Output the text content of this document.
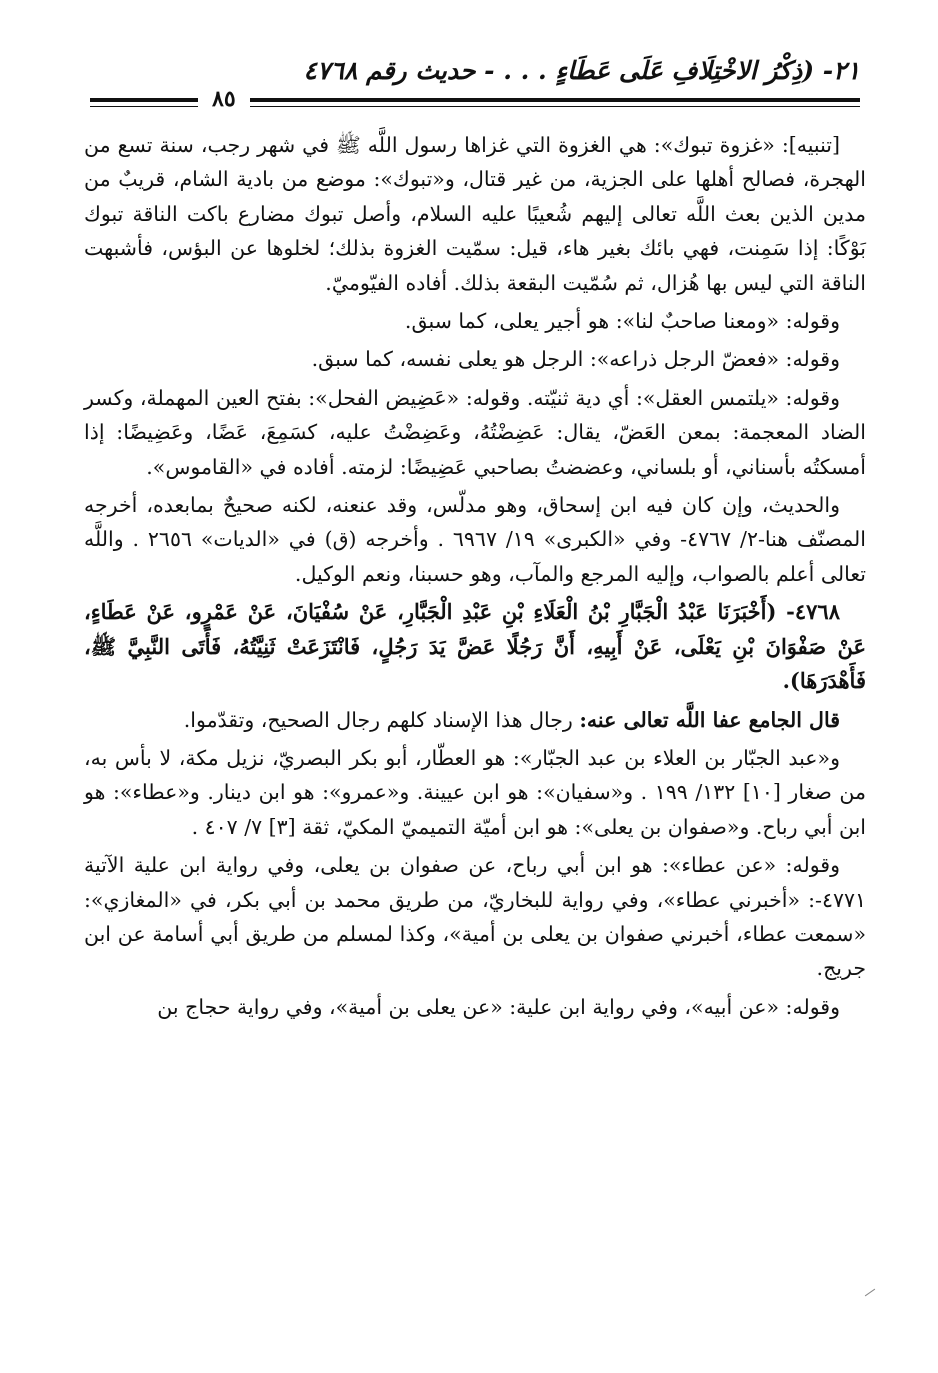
٢١- (ذِكْرُ الاخْتِلَافِ عَلَى عَطَاءٍ . . . - حديث رقم ٤٧٦٨
٨٥

[تنبيه]: «غزوة تبوك»: هي الغزوة التي غزاها رسول اللَّه ﷺ في شهر رجب، سنة تسع من الهجرة، فصالح أهلها على الجزية، من غير قتال، و«تبوك»: موضع من بادية الشام، قريبٌ من مدين الذين بعث اللَّه تعالى إليهم شُعيبًا عليه السلام، وأصل تبوك مضارع باكت الناقة تبوك بَوْكًا: إذا سَمِنت، فهي بائك بغير هاء، قيل: سمّيت الغزوة بذلك؛ لخلوها عن البؤس، فأشبهت الناقة التي ليس بها هُزال، ثم سُمّيت البقعة بذلك. أفاده الفيّوميّ.

وقوله: «ومعنا صاحبٌ لنا»: هو أجير يعلى، كما سبق.

وقوله: «فعضّ الرجل ذراعه»: الرجل هو يعلى نفسه، كما سبق.

وقوله: «يلتمس العقل»: أي دية ثنيّته. وقوله: «عَضِيض الفحل»: بفتح العين المهملة، وكسر الضاد المعجمة: بمعن العَضّ، يقال: عَضِضْتُهُ، وعَضِضْتُ عليه، كسَمِعَ، عَضًا، وعَضِيضًا: إذا أمسكتُه بأسناني، أو بلساني، وعضضتُ بصاحبي عَضِيضًا: لزمته. أفاده في «القاموس».

والحديث، وإن كان فيه ابن إسحاق، وهو مدلّس، وقد عنعنه، لكنه صحيحٌ بمابعده، أخرجه المصنّف هنا-٢/ ٤٧٦٧- وفي «الكبرى» ١٩/ ٦٩٦٧ . وأخرجه (ق) في «الديات» ٢٦٥٦ . واللَّه تعالى أعلم بالصواب، وإليه المرجع والمآب، وهو حسبنا، ونعم الوكيل.

٤٧٦٨- (أَخْبَرَنَا عَبْدُ الْجَبَّارِ بْنُ الْعَلَاءِ بْنِ عَبْدِ الْجَبَّارِ، عَنْ سُفْيَانَ، عَنْ عَمْرٍو، عَنْ عَطَاءٍ، عَنْ صَفْوَانَ بْنِ يَعْلَى، عَنْ أَبِيهِ، أَنَّ رَجُلًا عَضَّ يَدَ رَجُلٍ، فَانْتَزَعَتْ ثَنِيَّتُهُ، فَأَتَى النَّبِيَّ ﷺ، فَأَهْدَرَهَا).

قال الجامع عفا اللَّه تعالى عنه: رجال هذا الإسناد كلهم رجال الصحيح، وتقدّموا.

و«عبد الجبّار بن العلاء بن عبد الجبّار»: هو العطّار، أبو بكر البصريّ، نزيل مكة، لا بأس به، من صغار [١٠] ١٣٢/ ١٩٩ . و«سفيان»: هو ابن عيينة. و«عمرو»: هو ابن دينار. و«عطاء»: هو ابن أبي رباح. و«صفوان بن يعلى»: هو ابن أميّة التميميّ المكيّ، ثقة [٣] ٧/ ٤٠٧ .

وقوله: «عن عطاء»: هو ابن أبي رباح، عن صفوان بن يعلى، وفي رواية ابن علية الآتية ٤٧٧١-: «أخبرني عطاء»، وفي رواية للبخاريّ، من طريق محمد بن أبي بكر، في «المغازي»: «سمعت عطاء، أخبرني صفوان بن يعلى بن أمية»، وكذا لمسلم من طريق أبي أسامة عن ابن جريج.

وقوله: «عن أبيه»، وفي رواية ابن علية: «عن يعلى بن أمية»، وفي رواية حجاج بن
